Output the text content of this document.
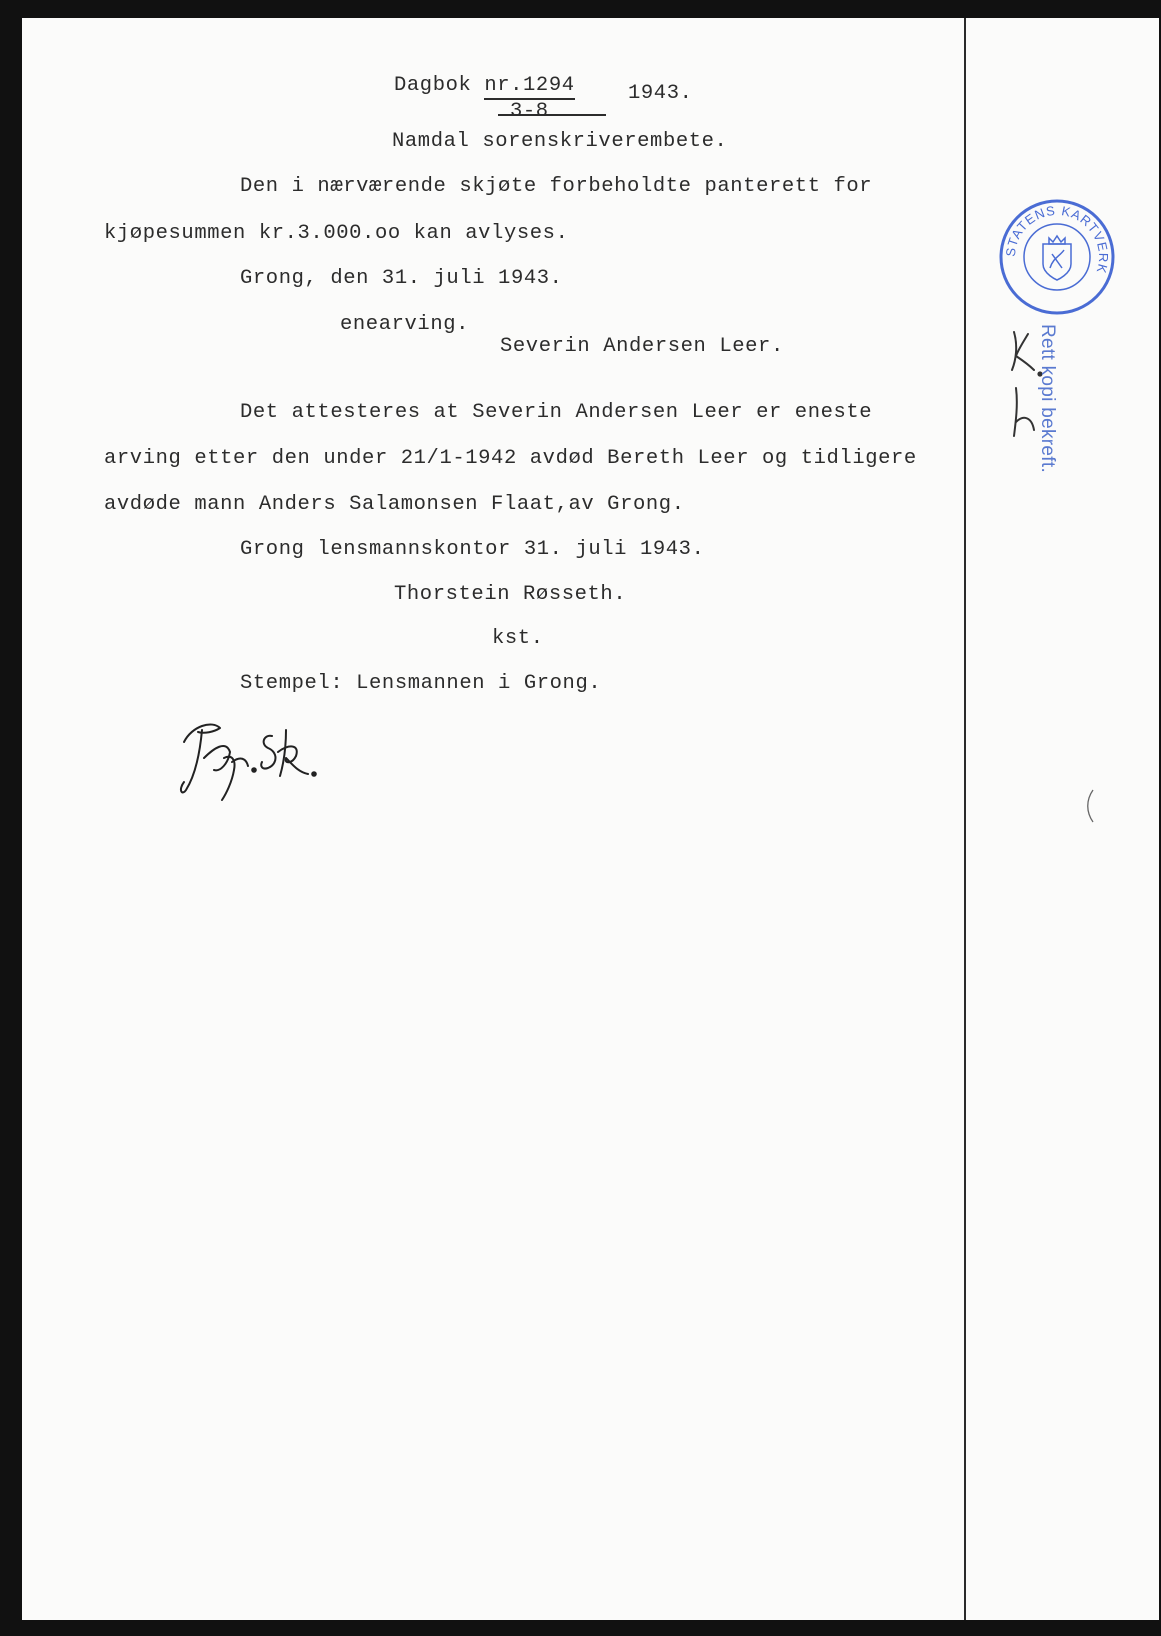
Dagbok nr.1294	1943.
3-8
Namdal sorenskriverembete.
Den i nærværende skjøte forbeholdte panterett for
kjøpesummen kr.3.000.oo kan avlyses.
Grong, den 31. juli 1943.
enearving.
Severin Andersen Leer.
Det attesteres at Severin Andersen Leer er eneste
arving etter den under 21/1-1942 avdød Bereth Leer og tidligere
avdøde mann Anders Salamonsen Flaat,av Grong.
Grong lensmannskontor 31. juli 1943.
Thorstein Røsseth.
kst.
Stempel: Lensmannen i Grong.
STATENS KARTVERK
Rett kopi bekreft.
